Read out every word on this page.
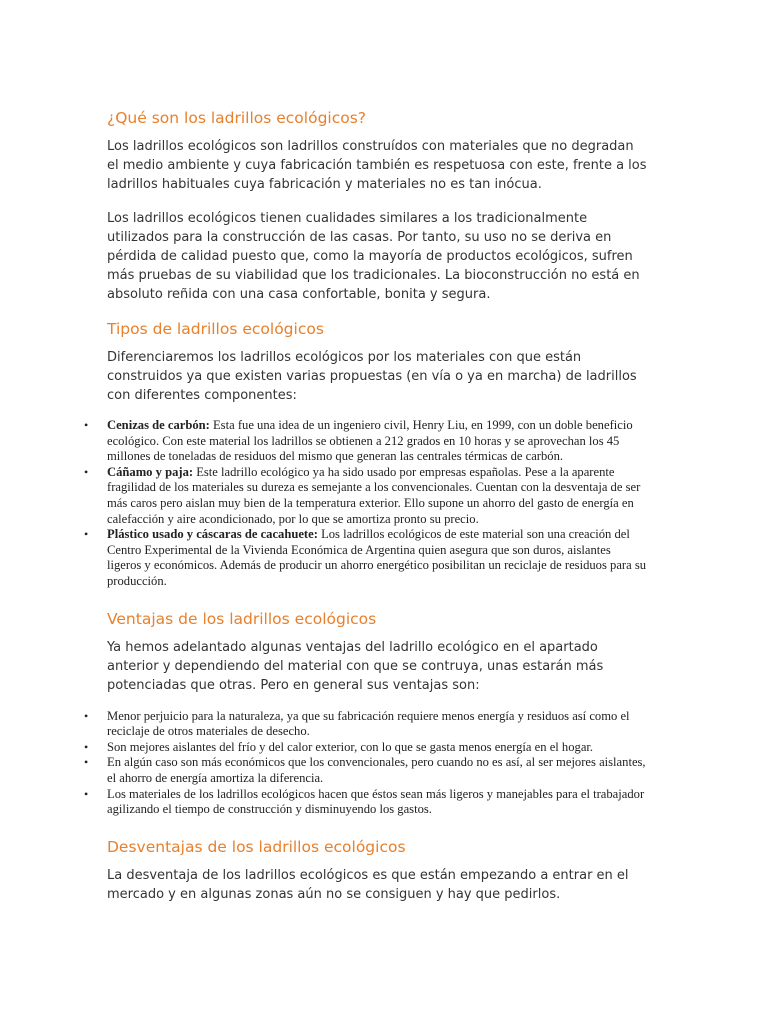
¿Qué son los ladrillos ecológicos?

Los ladrillos ecológicos son ladrillos construídos con materiales que no degradan el medio ambiente y cuya fabricación también es respetuosa con este, frente a los ladrillos habituales cuya fabricación y materiales no es tan inócua.

Los ladrillos ecológicos tienen cualidades similares a los tradicionalmente utilizados para la construcción de las casas. Por tanto, su uso no se deriva en pérdida de calidad puesto que, como la mayoría de productos ecológicos, sufren más pruebas de su viabilidad que los tradicionales. La bioconstrucción no está en absoluto reñida con una casa confortable, bonita y segura.

Tipos de ladrillos ecológicos

Diferenciaremos los ladrillos ecológicos por los materiales con que están construidos ya que existen varias propuestas (en vía o ya en marcha) de ladrillos con diferentes componentes:

• Cenizas de carbón: Esta fue una idea de un ingeniero civil, Henry Liu, en 1999, con un doble beneficio ecológico. Con este material los ladrillos se obtienen a 212 grados en 10 horas y se aprovechan los 45 millones de toneladas de residuos del mismo que generan las centrales térmicas de carbón.
• Cáñamo y paja: Este ladrillo ecológico ya ha sido usado por empresas españolas. Pese a la aparente fragilidad de los materiales su dureza es semejante a los convencionales. Cuentan con la desventaja de ser más caros pero aislan muy bien de la temperatura exterior. Ello supone un ahorro del gasto de energía en calefacción y aire acondicionado, por lo que se amortiza pronto su precio.
• Plástico usado y cáscaras de cacahuete: Los ladrillos ecológicos de este material son una creación del Centro Experimental de la Vivienda Económica de Argentina quien asegura que son duros, aislantes ligeros y económicos. Además de producir un ahorro energético posibilitan un reciclaje de residuos para su producción.
Ventajas de los ladrillos ecológicos

Ya hemos adelantado algunas ventajas del ladrillo ecológico en el apartado anterior y dependiendo del material con que se contruya, unas estarán más potenciadas que otras. Pero en general sus ventajas son:

• Menor perjuicio para la naturaleza, ya que su fabricación requiere menos energía y residuos así como el reciclaje de otros materiales de desecho.
• Son mejores aislantes del frío y del calor exterior, con lo que se gasta menos energía en el hogar.
• En algún caso son más económicos que los convencionales, pero cuando no es así, al ser mejores aislantes, el ahorro de energía amortiza la diferencia.
• Los materiales de los ladrillos ecológicos hacen que éstos sean más ligeros y manejables para el trabajador agilizando el tiempo de construcción y disminuyendo los gastos.
Desventajas de los ladrillos ecológicos

La desventaja de los ladrillos ecológicos es que están empezando a entrar en el mercado y en algunas zonas aún no se consiguen y hay que pedirlos.
